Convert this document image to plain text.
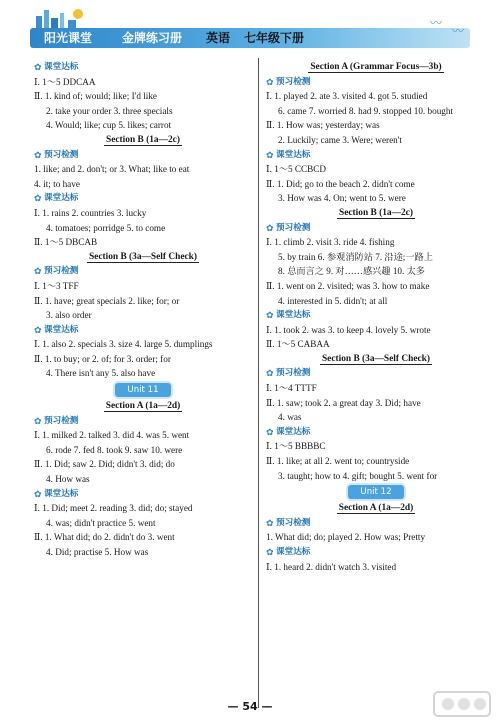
阳光课堂 金牌练习册 英语 七年级下册
〰
〰
✿ 课堂达标
Ⅰ. 1～5 DDCAA
Ⅱ. 1. kind of; would; like; I'd like
2. take your order 3. three specials
4. Would; like; cup 5. likes; carrot
Section B (1a—2c)
✿ 预习检测
1. like; and 2. don't; or 3. What; like to eat
4. it; to have
✿ 课堂达标
Ⅰ. 1. rains 2. countries 3. lucky
4. tomatoes; porridge 5. to come
Ⅱ. 1～5 DBCAB
Section B (3a—Self Check)
✿ 预习检测
Ⅰ. 1～3 TFF
Ⅱ. 1. have; great specials 2. like; for; or
3. also order
✿ 课堂达标
Ⅰ. 1. also 2. specials 3. size 4. large 5. dumplings
Ⅱ. 1. to buy; or 2. of; for 3. order; for
4. There isn't any 5. also have
Unit 11
Section A (1a—2d)
✿ 预习检测
Ⅰ. 1. milked 2. talked 3. did 4. was 5. went
6. rode 7. fed 8. took 9. saw 10. were
Ⅱ. 1. Did; saw 2. Did; didn't 3. did; do
4. How was
✿ 课堂达标
Ⅰ. 1. Did; meet 2. reading 3. did; do; stayed
4. was; didn't practice 5. went
Ⅱ. 1. What did; do 2. didn't do 3. went
4. Did; practise 5. How was
Section A (Grammar Focus—3b)
✿ 预习检测
Ⅰ. 1. played 2. ate 3. visited 4. got 5. studied
6. came 7. worried 8. had 9. stopped 10. bought
Ⅱ. 1. How was; yesterday; was
2. Luckily; came 3. Were; weren't
✿ 课堂达标
Ⅰ. 1～5 CCBCD
Ⅱ. 1. Did; go to the beach 2. didn't come
3. How was 4. On; went to 5. were
Section B (1a—2c)
✿ 预习检测
Ⅰ. 1. climb 2. visit 3. ride 4. fishing
5. by train 6. 参观消防站 7. 沿途;一路上
8. 总而言之 9. 对……感兴趣 10. 太多
Ⅱ. 1. went on 2. visited; was 3. how to make
4. interested in 5. didn't; at all
✿ 课堂达标
Ⅰ. 1. took 2. was 3. to keep 4. lovely 5. wrote
Ⅱ. 1～5 CABAA
Section B (3a—Self Check)
✿ 预习检测
Ⅰ. 1～4 TTTF
Ⅱ. 1. saw; took 2. a great day 3. Did; have
4. was
✿ 课堂达标
Ⅰ. 1～5 BBBBC
Ⅱ. 1. like; at all 2. went to; countryside
3. taught; how to 4. gift; bought 5. went for
Unit 12
Section A (1a—2d)
✿ 预习检测
1. What did; do; played 2. How was; Pretty
✿ 课堂达标
Ⅰ. 1. heard 2. didn't watch 3. visited
— 54 —
